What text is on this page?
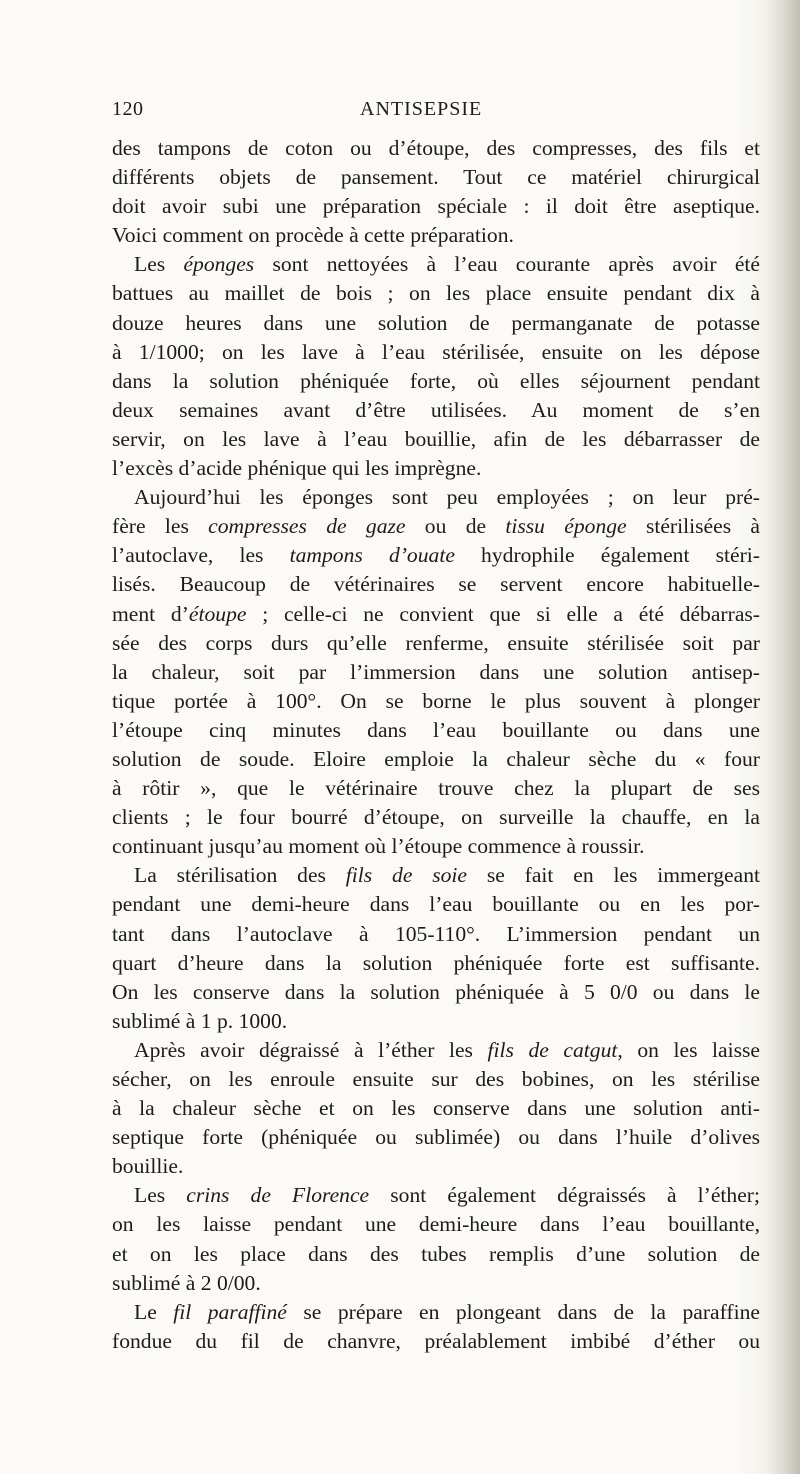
120	ANTISEPSIE
des tampons de coton ou d’étoupe, des compresses, des fils et
différents objets de pansement. Tout ce matériel chirurgical
doit avoir subi une préparation spéciale : il doit être aseptique.
Voici comment on procède à cette préparation.
Les éponges sont nettoyées à l’eau courante après avoir été
battues au maillet de bois ; on les place ensuite pendant dix à
douze heures dans une solution de permanganate de potasse
à 1/1000; on les lave à l’eau stérilisée, ensuite on les dépose
dans la solution phéniquée forte, où elles séjournent pendant
deux semaines avant d’être utilisées. Au moment de s’en
servir, on les lave à l’eau bouillie, afin de les débarrasser de
l’excès d’acide phénique qui les imprègne.
Aujourd’hui les éponges sont peu employées ; on leur pré-
fère les compresses de gaze ou de tissu éponge stérilisées à
l’autoclave, les tampons d’ouate hydrophile également stéri-
lisés. Beaucoup de vétérinaires se servent encore habituelle-
ment d’étoupe ; celle-ci ne convient que si elle a été débarras-
sée des corps durs qu’elle renferme, ensuite stérilisée soit par
la chaleur, soit par l’immersion dans une solution antisep-
tique portée à 100°. On se borne le plus souvent à plonger
l’étoupe cinq minutes dans l’eau bouillante ou dans une
solution de soude. Eloire emploie la chaleur sèche du « four
à rôtir », que le vétérinaire trouve chez la plupart de ses
clients ; le four bourré d’étoupe, on surveille la chauffe, en la
continuant jusqu’au moment où l’étoupe commence à roussir.
La stérilisation des fils de soie se fait en les immergeant
pendant une demi-heure dans l’eau bouillante ou en les por-
tant dans l’autoclave à 105-110°. L’immersion pendant un
quart d’heure dans la solution phéniquée forte est suffisante.
On les conserve dans la solution phéniquée à 5 0/0 ou dans le
sublimé à 1 p. 1000.
Après avoir dégraissé à l’éther les fils de catgut, on les laisse
sécher, on les enroule ensuite sur des bobines, on les stérilise
à la chaleur sèche et on les conserve dans une solution anti-
septique forte (phéniquée ou sublimée) ou dans l’huile d’olives
bouillie.
Les crins de Florence sont également dégraissés à l’éther;
on les laisse pendant une demi-heure dans l’eau bouillante,
et on les place dans des tubes remplis d’une solution de
sublimé à 2 0/00.
Le fil paraffiné se prépare en plongeant dans de la paraffine
fondue du fil de chanvre, préalablement imbibé d’éther ou
